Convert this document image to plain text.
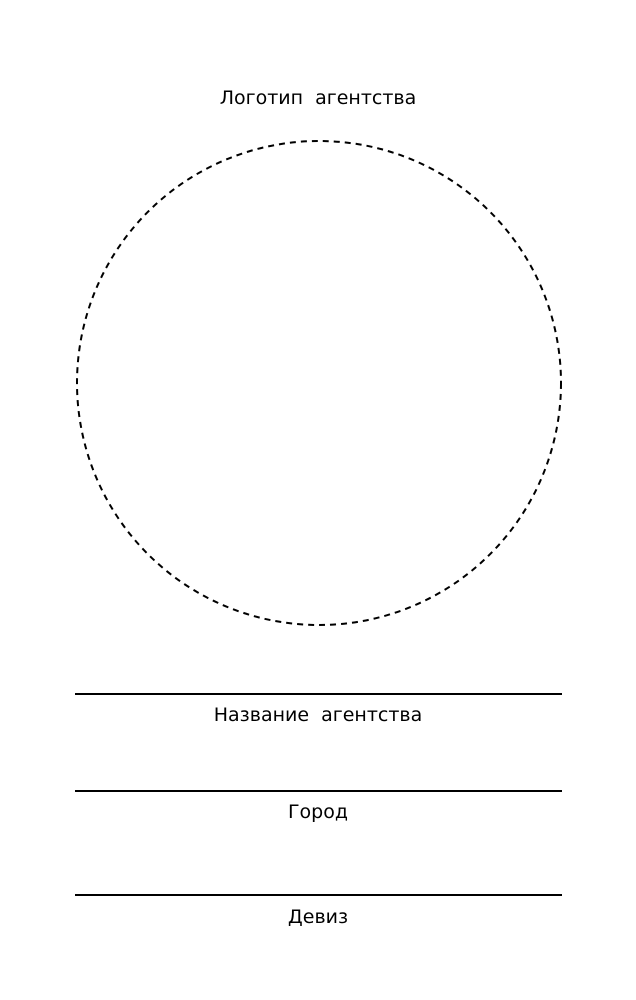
Логотип агентства
Название агентства
Город
Девиз
